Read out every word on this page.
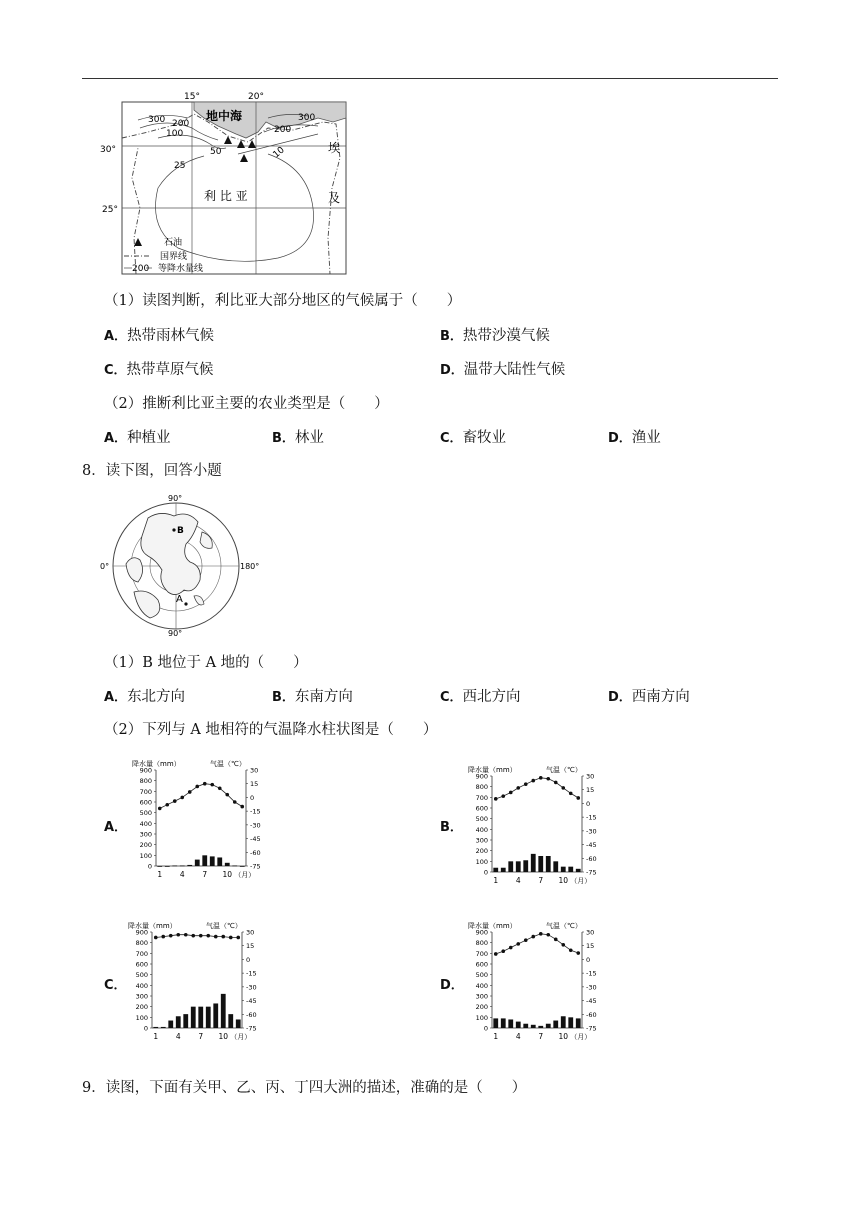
200
15°	20°
30°
25°
地中海
利 比 亚
埃
及
300 200
100
50
25
300
200
10
石油
国界线
等降水量线
（1）读图判断，利比亚大部分地区的气候属于（　　）
A．热带雨林气候	B．热带沙漠气候
C．热带草原气候	D．温带大陆性气候
（2）推断利比亚主要的农业类型是（　　）
A．种植业	B．林业	C．畜牧业	D．渔业
8．读下图，回答小题
90°
0°	180°
90°
B
A
（1）B 地位于 A 地的（　　）
A．东北方向	B．东南方向	C．西北方向	D．西南方向
（2）下列与 A 地相符的气温降水柱状图是（　　）
A．	B．
C．	D．
降水量（mm）	气温（℃）
900
800
700
600
500
400
300
200
100
0
30
15
0
-15
-30
-45
-60
-75
1 4 7 10 （月）
降水量（mm）	气温（℃）
900
800
700
600
500
400
300
200
100
0
30
15
0
-15
-30
-45
-60
-75
1 4 7 10 （月）
降水量（mm）	气温（℃）
900
800
700
600
500
400
300
200
100
0
30
15
0
-15
-30
-45
-60
-75
1 4 7 10 （月）
降水量（mm）	气温（℃）
900
800
700
600
500
400
300
200
100
0
30
15
0
-15
-30
-45
-60
-75
1 4 7 10 （月）
9．读图，下面有关甲、乙、丙、丁四大洲的描述，准确的是（　　）
